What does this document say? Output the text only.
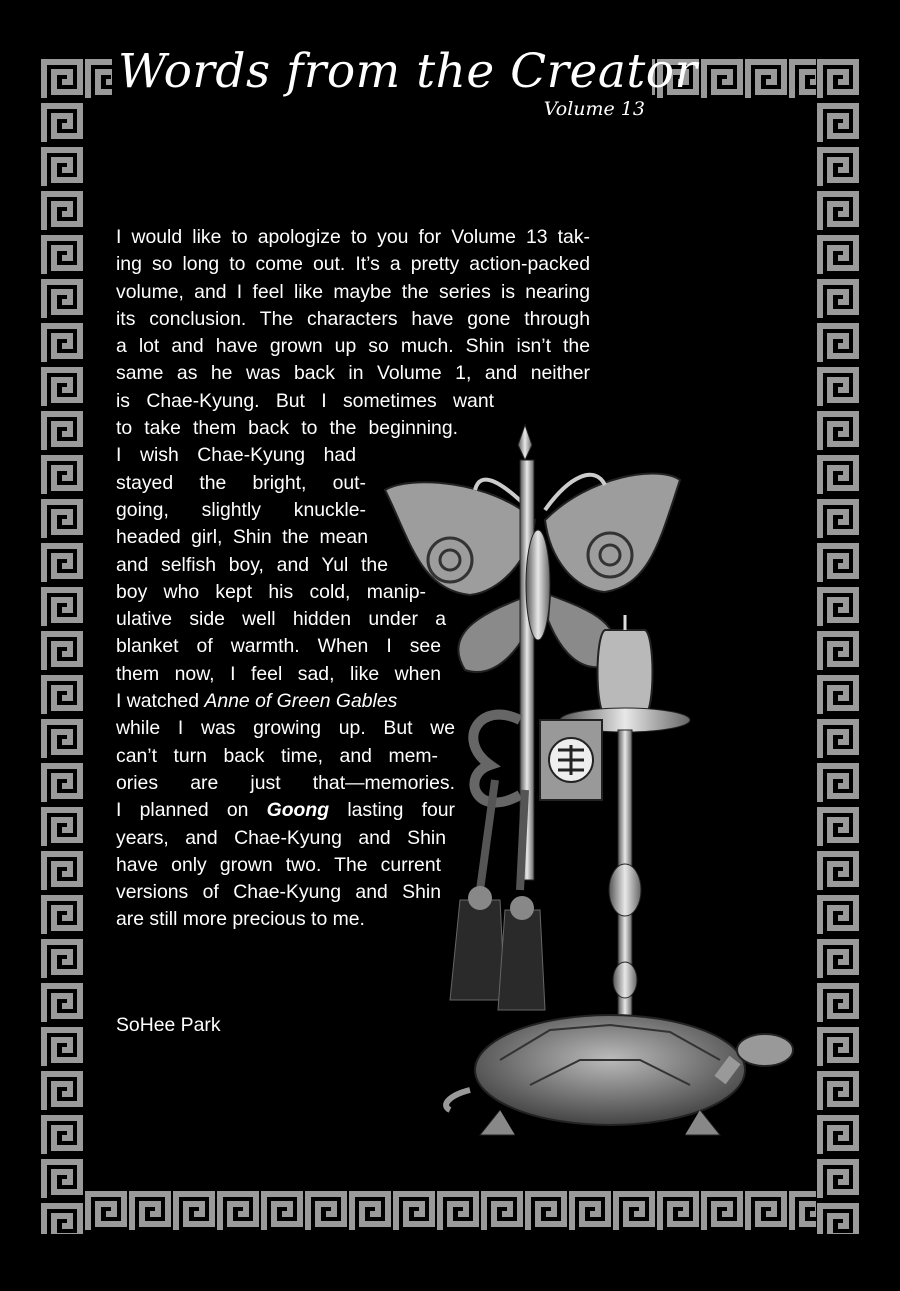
Words from the Creator
Volume 13
I would like to apologize to you for Volume 13 tak-
ing so long to come out. It’s a pretty action-packed
volume, and I feel like maybe the series is nearing
its conclusion. The characters have gone through
a lot and have grown up so much. Shin isn’t the
same as he was back in Volume 1, and neither
is Chae-Kyung. But I sometimes want
to take them back to the beginning.
I wish Chae-Kyung had
stayed the bright, out-
going, slightly knuckle-
headed girl, Shin the mean
and selfish boy, and Yul the
boy who kept his cold, manip-
ulative side well hidden under a
blanket of warmth. When I see
them now, I feel sad, like when
I watched Anne of Green Gables
while I was growing up. But we
can’t turn back time, and mem-
ories are just that—memories.
I planned on Goong lasting four
years, and Chae-Kyung and Shin
have only grown two. The current
versions of Chae-Kyung and Shin
are still more precious to me.
SoHee Park
